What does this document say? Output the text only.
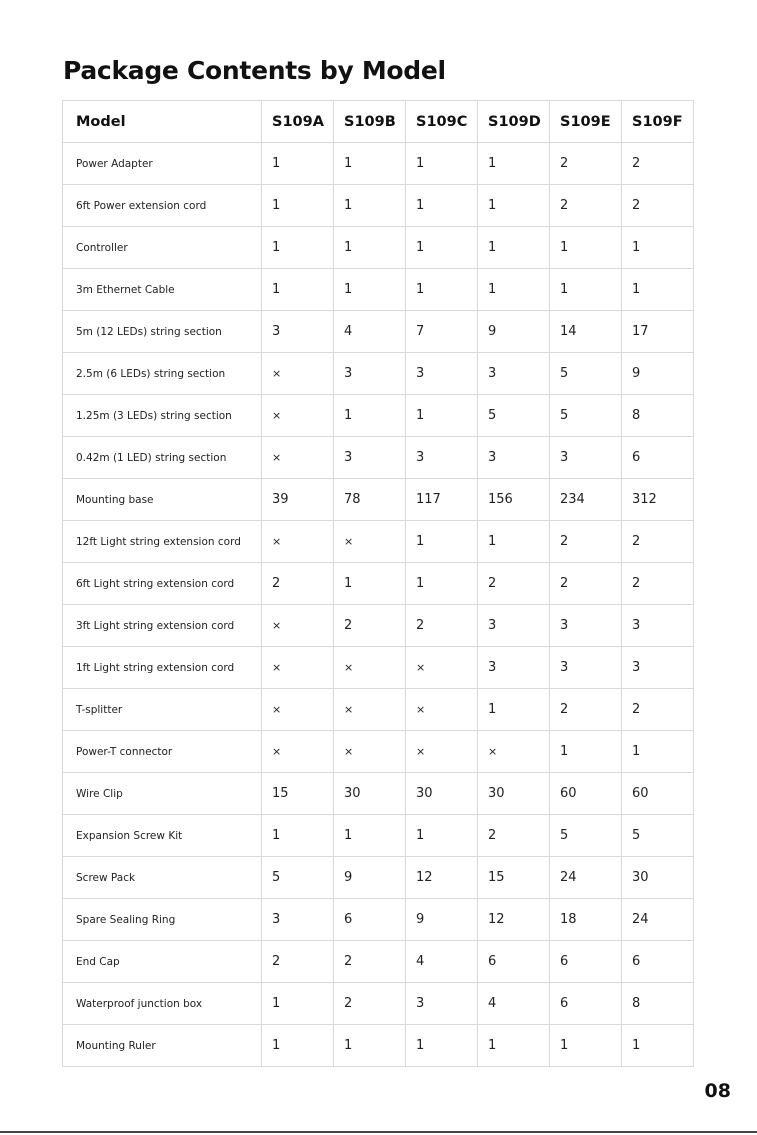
Package Contents by Model
Model	S109A	S109B	S109C	S109D	S109E	S109F
Power Adapter	1	1	1	1	2	2
6ft Power extension cord	1	1	1	1	2	2
Controller	1	1	1	1	1	1
3m Ethernet Cable	1	1	1	1	1	1
5m (12 LEDs) string section	3	4	7	9	14	17
2.5m (6 LEDs) string section	×	3	3	3	5	9
1.25m (3 LEDs) string section	×	1	1	5	5	8
0.42m (1 LED) string section	×	3	3	3	3	6
Mounting base	39	78	117	156	234	312
12ft Light string extension cord	×	×	1	1	2	2
6ft Light string extension cord	2	1	1	2	2	2
3ft Light string extension cord	×	2	2	3	3	3
1ft Light string extension cord	×	×	×	3	3	3
T-splitter	×	×	×	1	2	2
Power-T connector	×	×	×	×	1	1
Wire Clip	15	30	30	30	60	60
Expansion Screw Kit	1	1	1	2	5	5
Screw Pack	5	9	12	15	24	30
Spare Sealing Ring	3	6	9	12	18	24
End Cap	2	2	4	6	6	6
Waterproof junction box	1	2	3	4	6	8
Mounting Ruler	1	1	1	1	1	1
08
